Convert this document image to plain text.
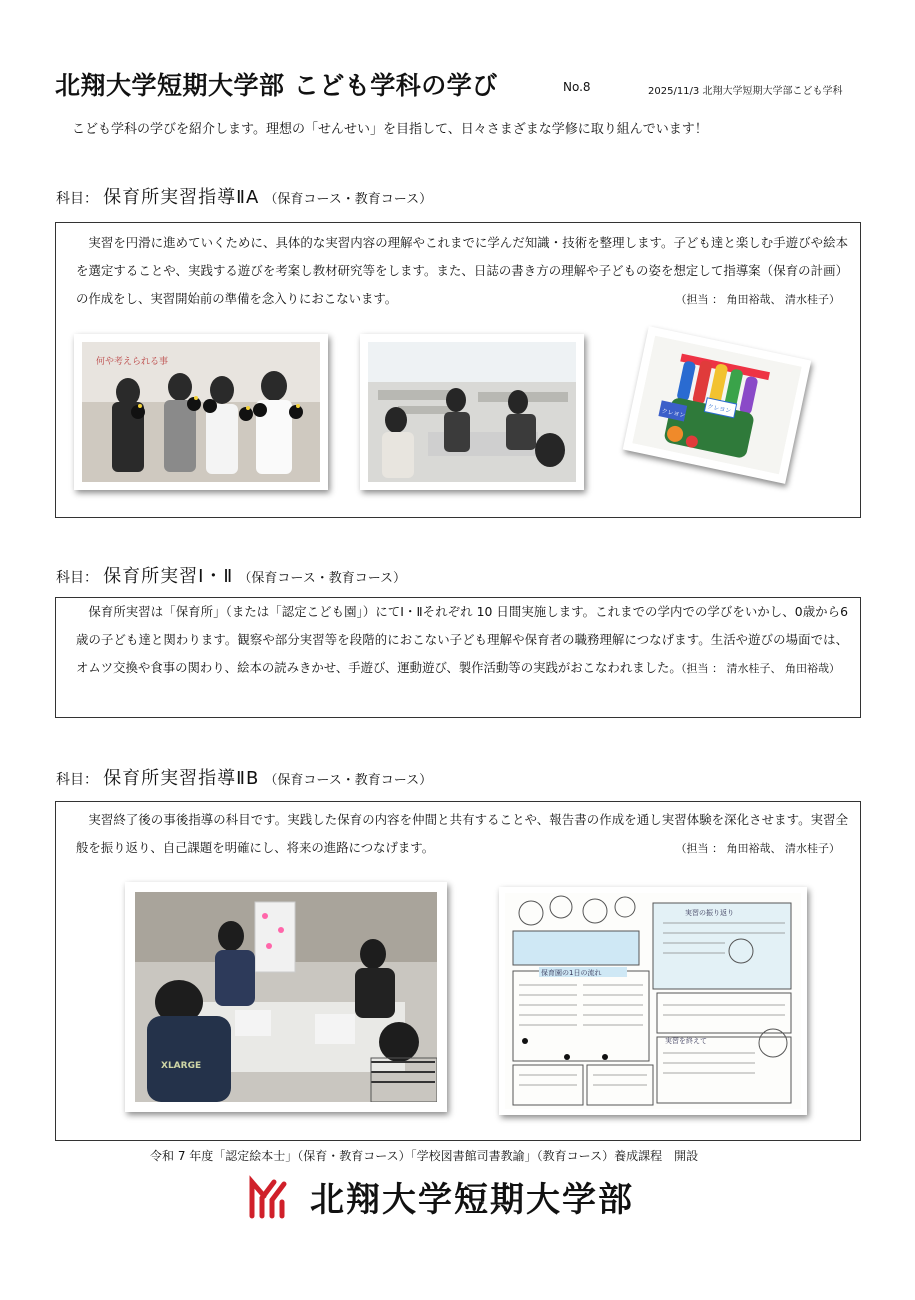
北翔大学短期大学部 こども学科の学び	No.8	2025/11/3 北翔大学短期大学部こども学科
こども学科の学びを紹介します。理想の「せんせい」を目指して、日々さまざまな学修に取り組んでいます！
科目： 保育所実習指導ⅡA （保育コース・教育コース）

実習を円滑に進めていくために、具体的な実習内容の理解やこれまでに学んだ知識・技術を整理します。子ども達と楽しむ手遊びや絵本を選定することや、実践する遊びを考案し教材研究等をします。また、日誌の書き方の理解や子どもの姿を想定して指導案（保育の計画）の作成をし、実習開始前の準備を念入りにおこないます。	（担当 ： 角田裕哉、 清水桂子）
何や考えられる事
クレヨン	クレヨン
科目： 保育所実習Ⅰ・Ⅱ （保育コース・教育コース）

保育所実習は「保育所」（または「認定こども園」）にてⅠ・Ⅱそれぞれ 10 日間実施します。これまでの学内での学びをいかし、0歳から6歳の子ども達と関わります。観察や部分実習等を段階的におこない子ども理解や保育者の職務理解につなげます。生活や遊びの場面では、オムツ交換や食事の関わり、絵本の読みきかせ、手遊び、運動遊び、製作活動等の実践がおこなわれました。

（担当 ： 清水桂子、 角田裕哉）
科目： 保育所実習指導ⅡB （保育コース・教育コース）

実習終了後の事後指導の科目です。実践した保育の内容を仲間と共有することや、報告書の作成を通し実習体験を深化させます。実習全般を振り返り、自己課題を明確にし、将来の進路につなげます。	（担当 ： 角田裕哉、 清水桂子）
XLARGE
実習の振り返り
保育園の1日の流れ
実習を終えて
令和 7 年度「認定絵本士」（保育・教育コース）「学校図書館司書教諭」（教育コース）養成課程　開設
北翔大学短期大学部
